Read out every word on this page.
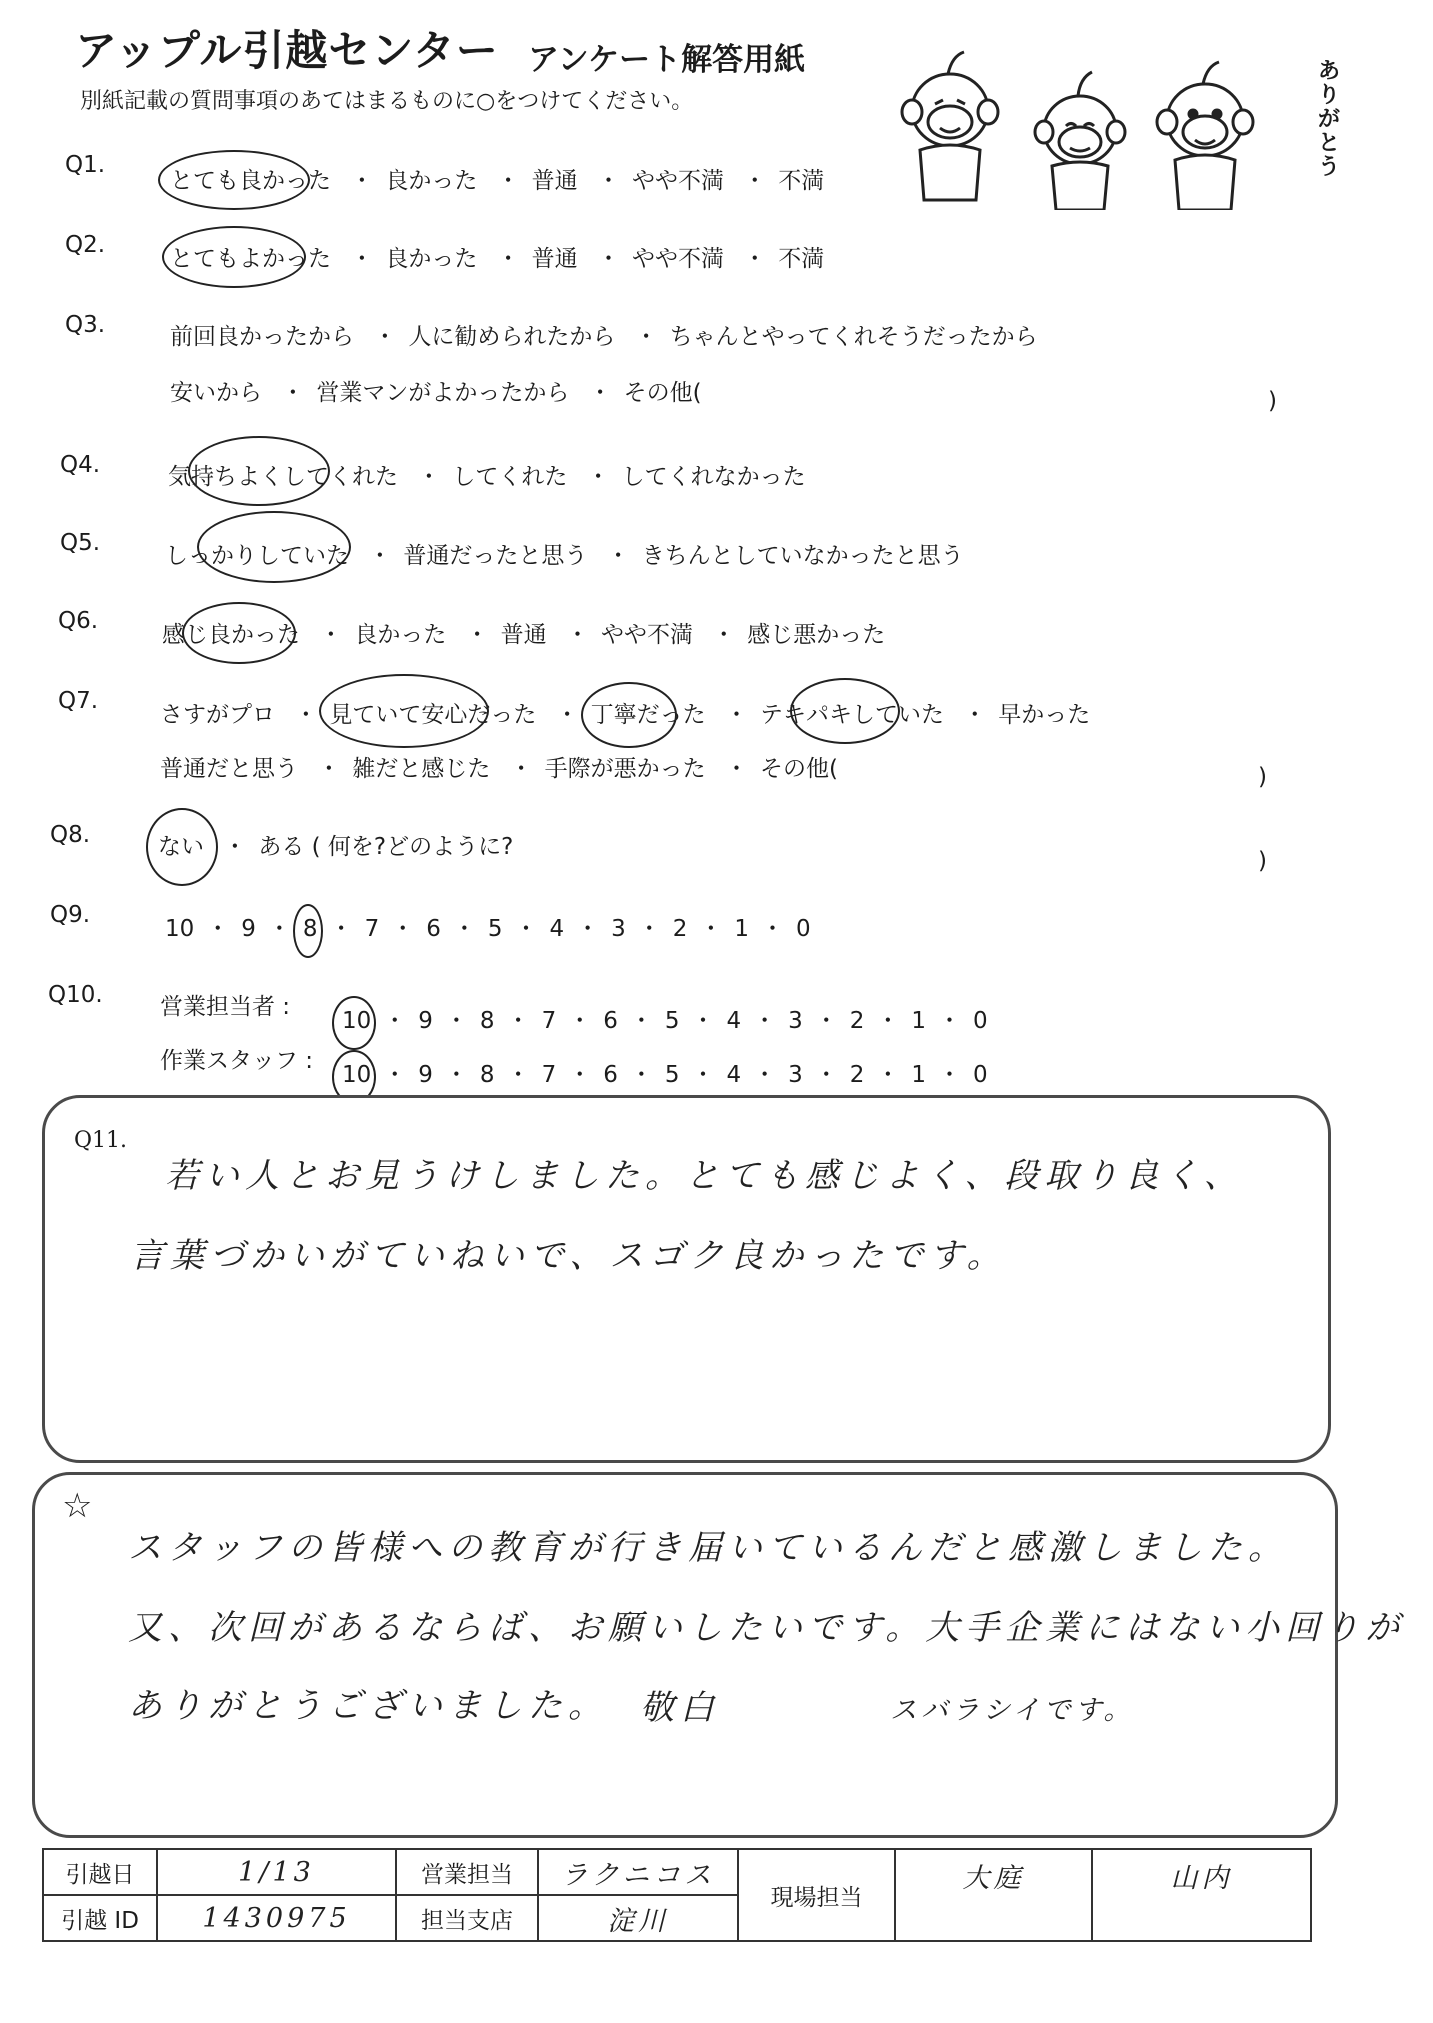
アップル引越センター アンケート解答用紙
別紙記載の質問事項のあてはまるものに○をつけてください。
ありがとう
Q1.
とても良かった ・ 良かった ・ 普通 ・ やや不満 ・ 不満
Q2.
とてもよかった ・ 良かった ・ 普通 ・ やや不満 ・ 不満
Q3.	前回良かったから ・ 人に勧められたから ・ ちゃんとやってくれそうだったから
安いから ・ 営業マンがよかったから ・ その他(	)
Q4.	気持ちよくしてくれた ・ してくれた ・ してくれなかった
Q5.	しっかりしていた ・ 普通だったと思う ・ きちんとしていなかったと思う
Q6.
感じ良かった ・ 良かった ・ 普通 ・ やや不満 ・ 感じ悪かった
Q7.
さすがプロ ・ 見ていて安心だった ・ 丁寧だった ・ テキパキしていた ・ 早かった
普通だと思う ・ 雑だと感じた ・ 手際が悪かった ・ その他(	)
Q8.	ない ・ ある ( 何を?どのように?
)
Q9.
10 ・ 9 ・ 8 ・ 7 ・ 6 ・ 5 ・ 4 ・ 3 ・ 2 ・ 1 ・ 0
Q10. 営業担当者 :
10 ・ 9 ・ 8 ・ 7 ・ 6 ・ 5 ・ 4 ・ 3 ・ 2 ・ 1 ・ 0
作業スタッフ :
10 ・ 9 ・ 8 ・ 7 ・ 6 ・ 5 ・ 4 ・ 3 ・ 2 ・ 1 ・ 0
Q11.
若い人とお見うけしました。とても感じよく、段取り良く、
言葉づかいがていねいで、スゴク良かったです。
☆
スタッフの皆様への教育が行き届いているんだと感激しました。
又、次回があるならば、お願いしたいです。大手企業にはない小回りが
ありがとうございました。 敬白	スバラシイです。
引越日	1/13	営業担当	ラクニコス	現場担当	大庭	山内
引越 ID	1430975	担当支店	淀川			
